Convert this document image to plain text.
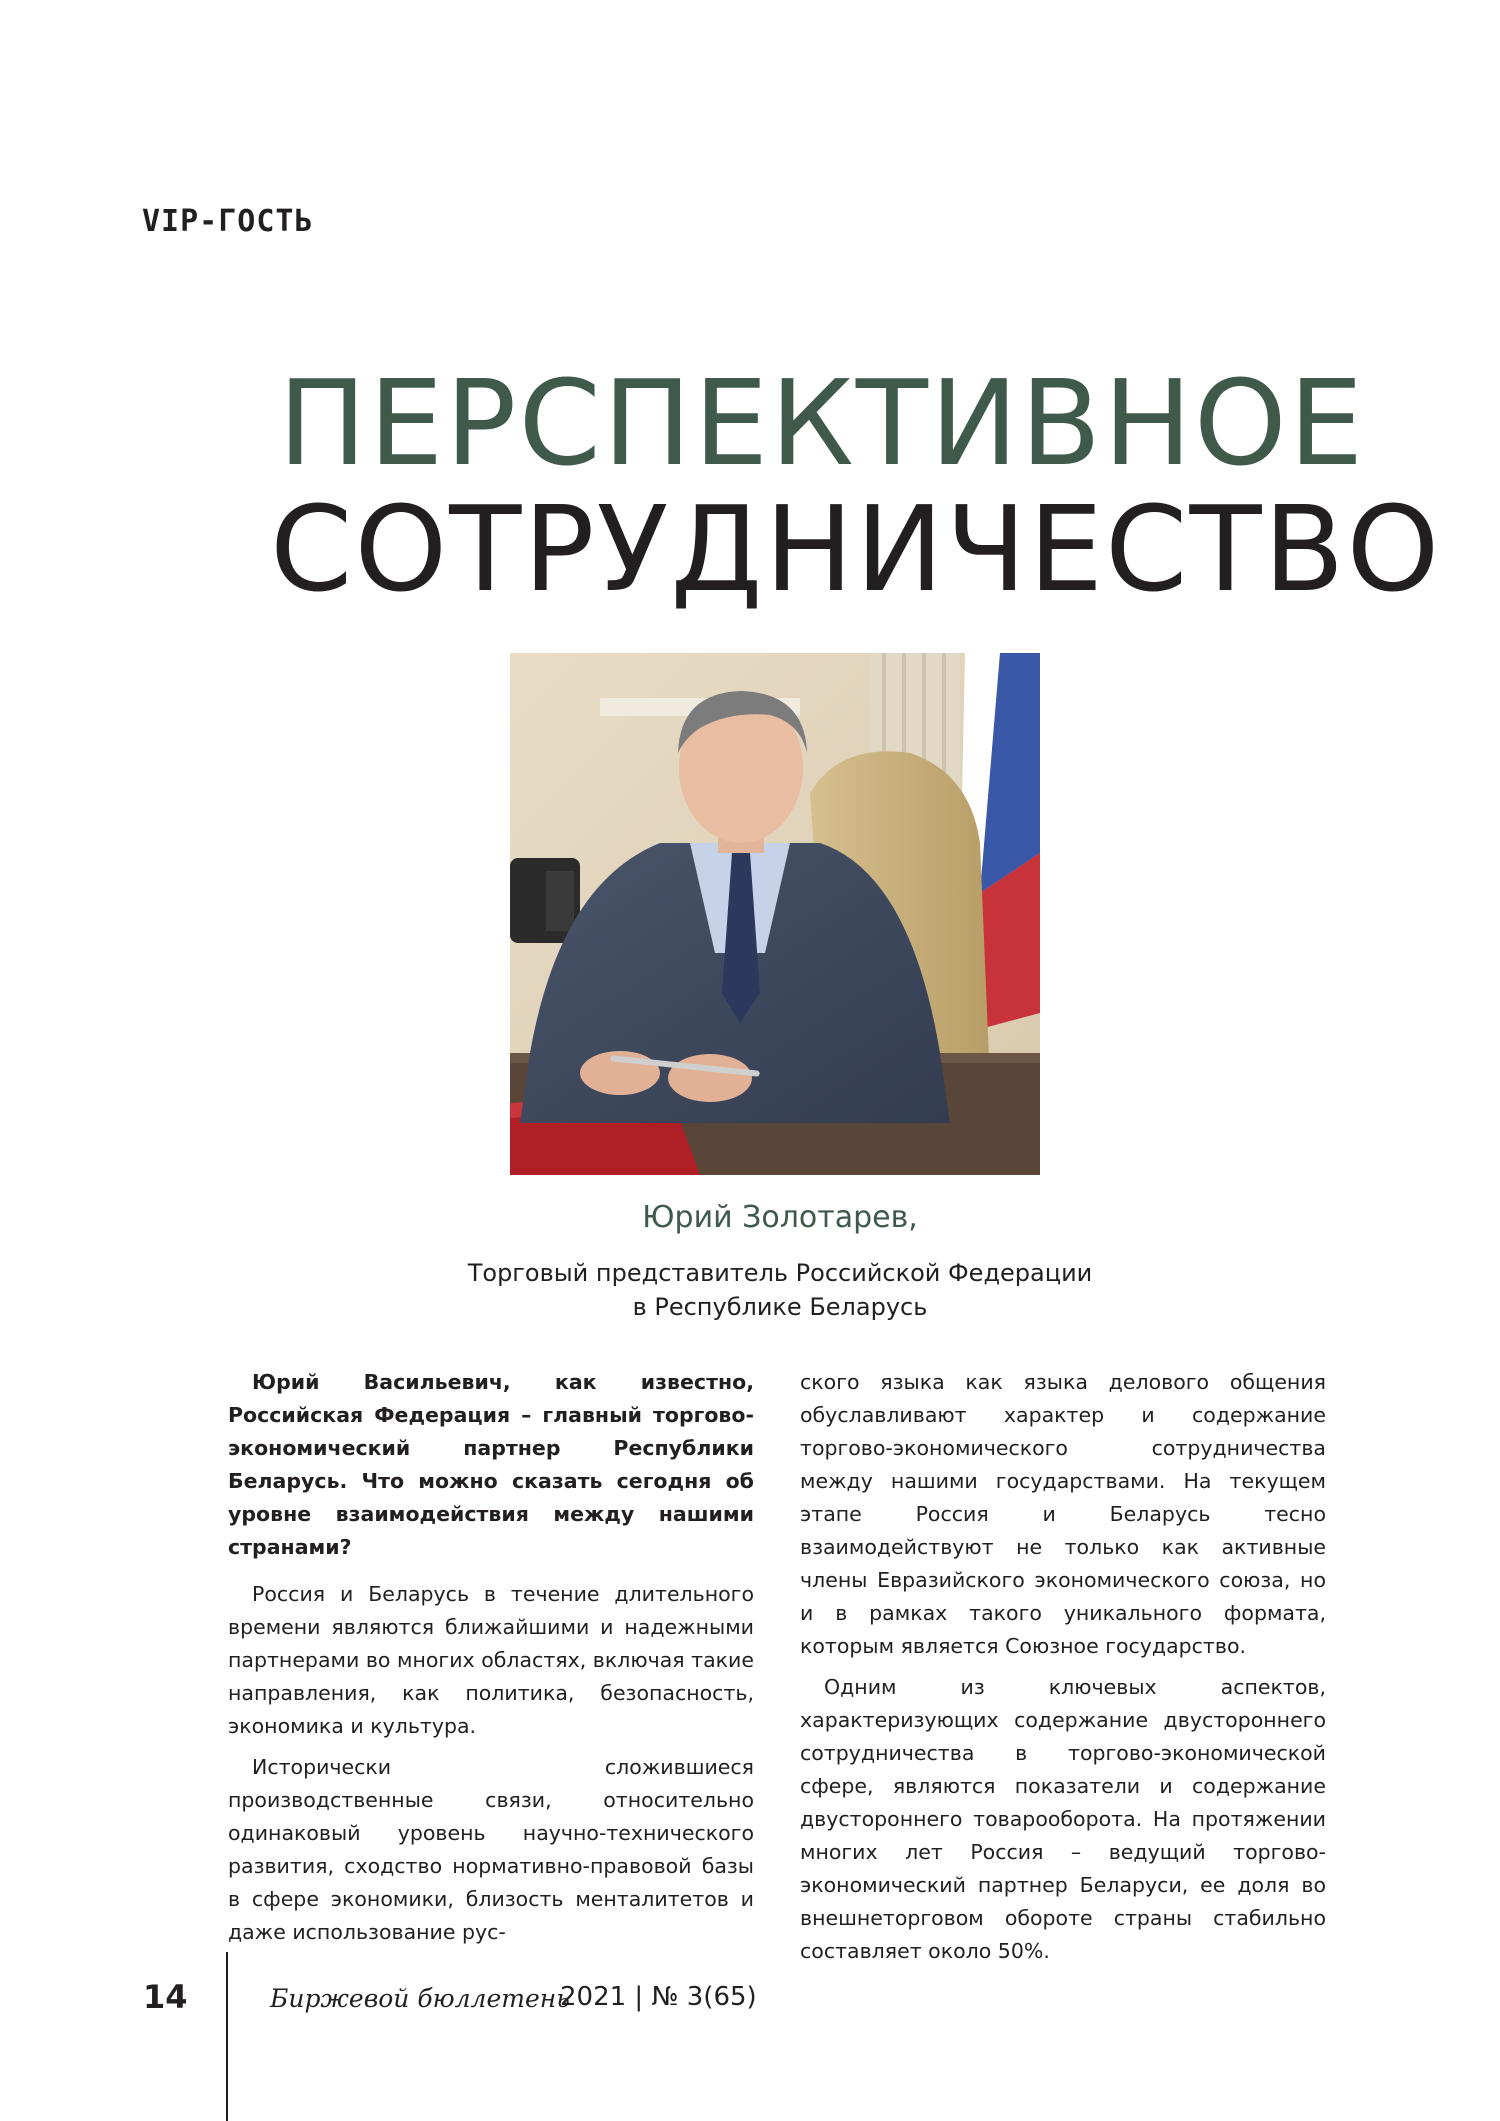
VIP-ГОСТЬ

ПЕРСПЕКТИВНОЕ
СОТРУДНИЧЕСТВО

Юрий Золотарев,

Торговый представитель Российской Федерации
в Республике Беларусь

Юрий Васильевич, как известно, Российская Федерация – главный торгово-экономический партнер Республики Беларусь. Что можно сказать сегодня об уровне взаимодействия между нашими странами?

Россия и Беларусь в течение длительного времени являются ближайшими и надежными партнерами во многих областях, включая такие направления, как политика, безопасность, экономика и культура.

Исторически сложившиеся производственные связи, относительно одинаковый уровень научно-технического развития, сходство нормативно-правовой базы в сфере экономики, близость менталитетов и даже использование рус-

ского языка как языка делового общения обуславливают характер и содержание торгово-экономического сотрудничества между нашими государствами. На текущем этапе Россия и Беларусь тесно взаимодействуют не только как активные члены Евразийского экономического союза, но и в рамках такого уникального формата, которым является Союзное государство.

Одним из ключевых аспектов, характеризующих содержание двустороннего сотрудничества в торгово-экономической сфере, являются показатели и содержание двустороннего товарооборота. На протяжении многих лет Россия – ведущий торгово-экономический партнер Беларуси, ее доля во внешнеторговом обороте страны стабильно составляет около 50%.

14	Биржевой бюллетень

2021 | № 3(65)
